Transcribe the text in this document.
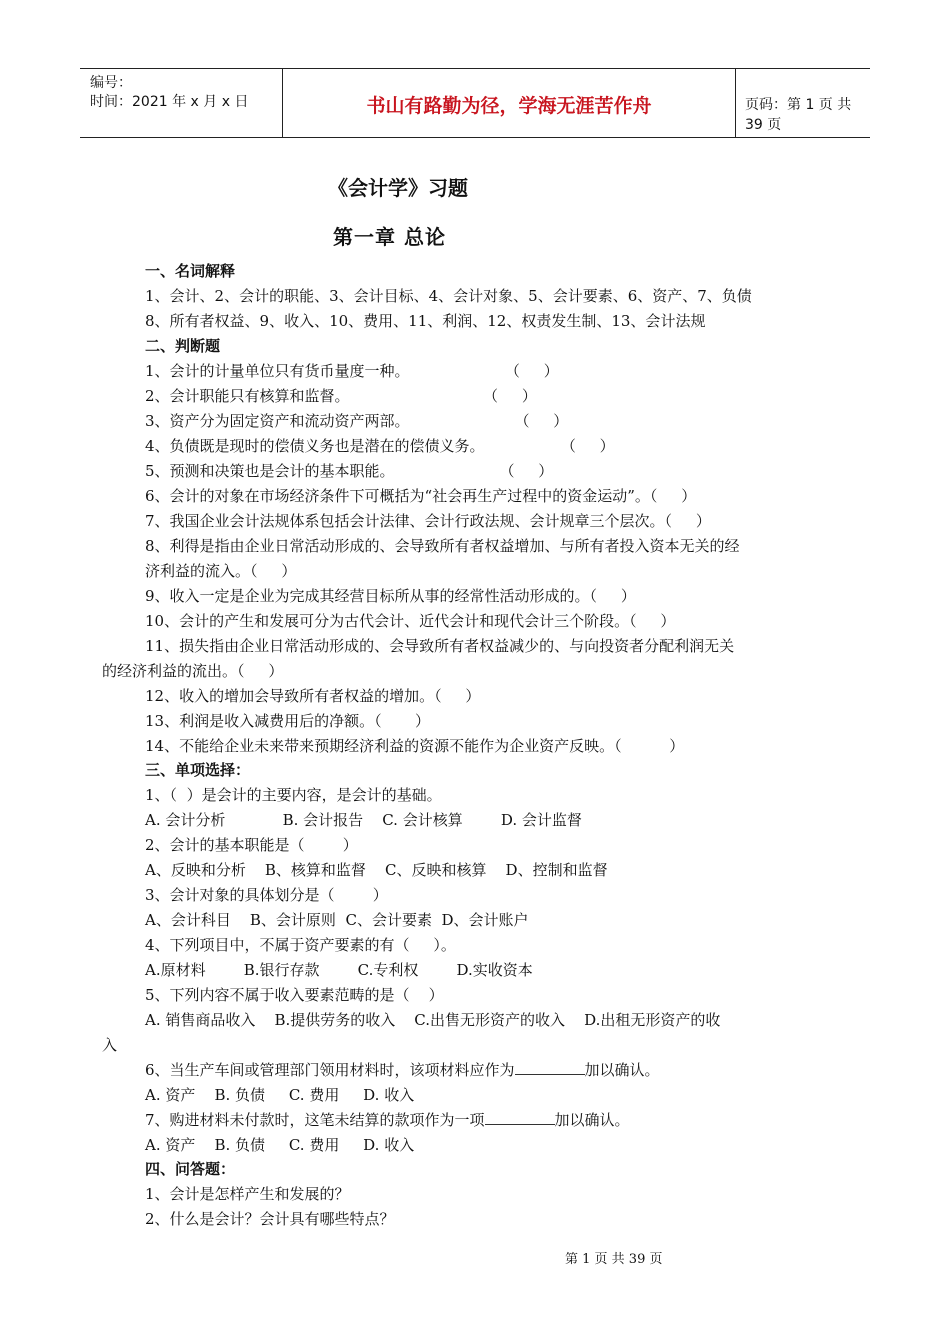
编号：
时间：2021 年 x 月 x 日	书山有路勤为径，学海无涯苦作舟	页码：第 1 页 共 39 页
《会计学》习题
第一章 总论
一、名词解释
1、会计、2、会计的职能、3、会计目标、4、会计对象、5、会计要素、6、资产、7、负债
8、所有者权益、9、收入、10、费用、11、利润、12、权责发生制、13、会计法规
二、判断题
1、会计的计量单位只有货币量度一种。                    （     ）
2、会计职能只有核算和监督。                            （     ）
3、资产分为固定资产和流动资产两部。                      （     ）
4、负债既是现时的偿债义务也是潜在的偿债义务。                （     ）
5、预测和决策也是会计的基本职能。                      （     ）
6、会计的对象在市场经济条件下可概括为“社会再生产过程中的资金运动”。（     ）
7、我国企业会计法规体系包括会计法律、会计行政法规、会计规章三个层次。（     ）
8、利得是指由企业日常活动形成的、会导致所有者权益增加、与所有者投入资本无关的经
济利益的流入。（     ）
9、收入一定是企业为完成其经营目标所从事的经常性活动形成的。（     ）
10、会计的产生和发展可分为古代会计、近代会计和现代会计三个阶段。（     ）
11、损失指由企业日常活动形成的、会导致所有者权益减少的、与向投资者分配利润无关
的经济利益的流出。（     ）
12、收入的增加会导致所有者权益的增加。（     ）
13、利润是收入减费用后的净额。（       ）
14、不能给企业未来带来预期经济利益的资源不能作为企业资产反映。（          ）
三、单项选择：
1、（  ）是会计的主要内容，是会计的基础。
A. 会计分析            B. 会计报告    C. 会计核算        D. 会计监督
2、会计的基本职能是（        ）
A、反映和分析    B、核算和监督    C、反映和核算    D、控制和监督
3、会计对象的具体划分是（        ）
A、会计科目    B、会计原则  C、会计要素  D、会计账户
4、下列项目中，不属于资产要素的有（     ）。
A.原材料        B.银行存款        C.专利权        D.实收资本
5、下列内容不属于收入要素范畴的是（    ）
A. 销售商品收入    B.提供劳务的收入    C.出售无形资产的收入    D.出租无形资产的收
入
6、当生产车间或管理部门领用材料时，该项材料应作为	加以确认。
A. 资产    B. 负债     C. 费用     D. 收入
7、购进材料未付款时，这笔未结算的款项作为一项	加以确认。
A. 资产    B. 负债     C. 费用     D. 收入
四、问答题：
1、会计是怎样产生和发展的？
2、什么是会计？会计具有哪些特点？
第 1 页 共 39 页
